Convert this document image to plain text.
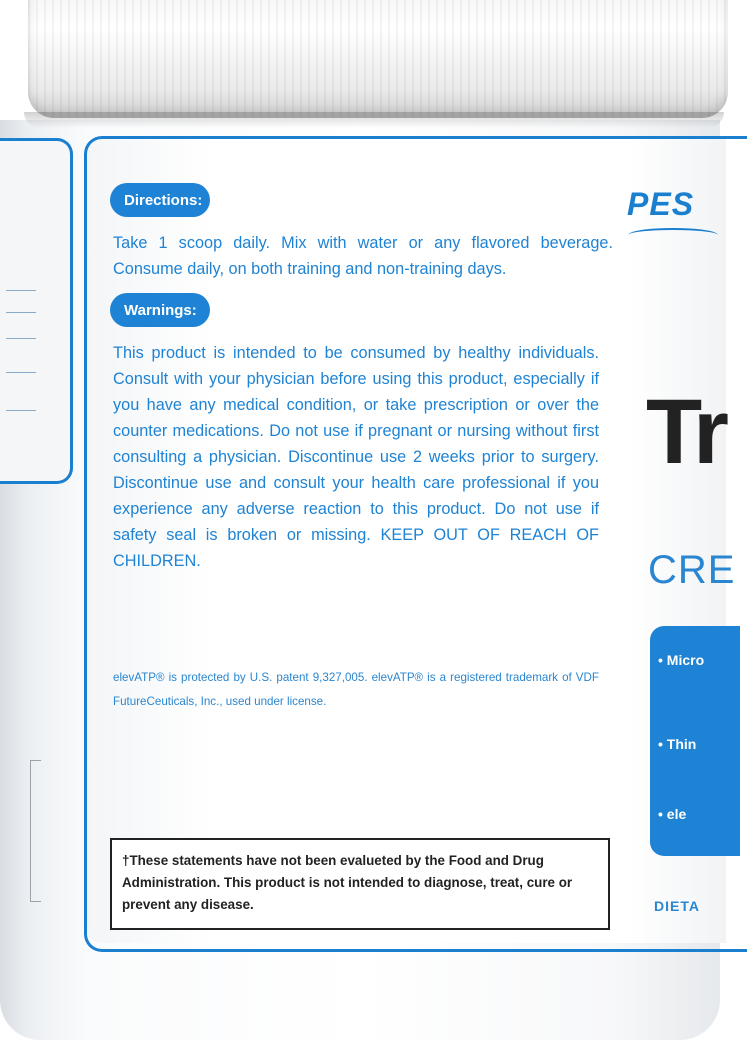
Directions:
Take 1 scoop daily. Mix with water or any flavored beverage. Consume daily, on both training and non-training days.
Warnings:
This product is intended to be consumed by healthy individuals. Consult with your physician before using this product, especially if you have any medical condition, or take prescription or over the counter medications. Do not use if pregnant or nursing without first consulting a physician. Discontinue use 2 weeks prior to surgery. Discontinue use and consult your health care professional if you experience any adverse reaction to this product. Do not use if safety seal is broken or missing. KEEP OUT OF REACH OF CHILDREN.
elevATP® is protected by U.S. patent 9,327,005. elevATP® is a registered trademark of VDF FutureCeuticals, Inc., used under license.
†These statements have not been evalueted by the Food and Drug Administration. This product is not intended to diagnose, treat, cure or prevent any disease.
PES
Tr
CRE
• Micro
• Thin
• ele
DIETA
